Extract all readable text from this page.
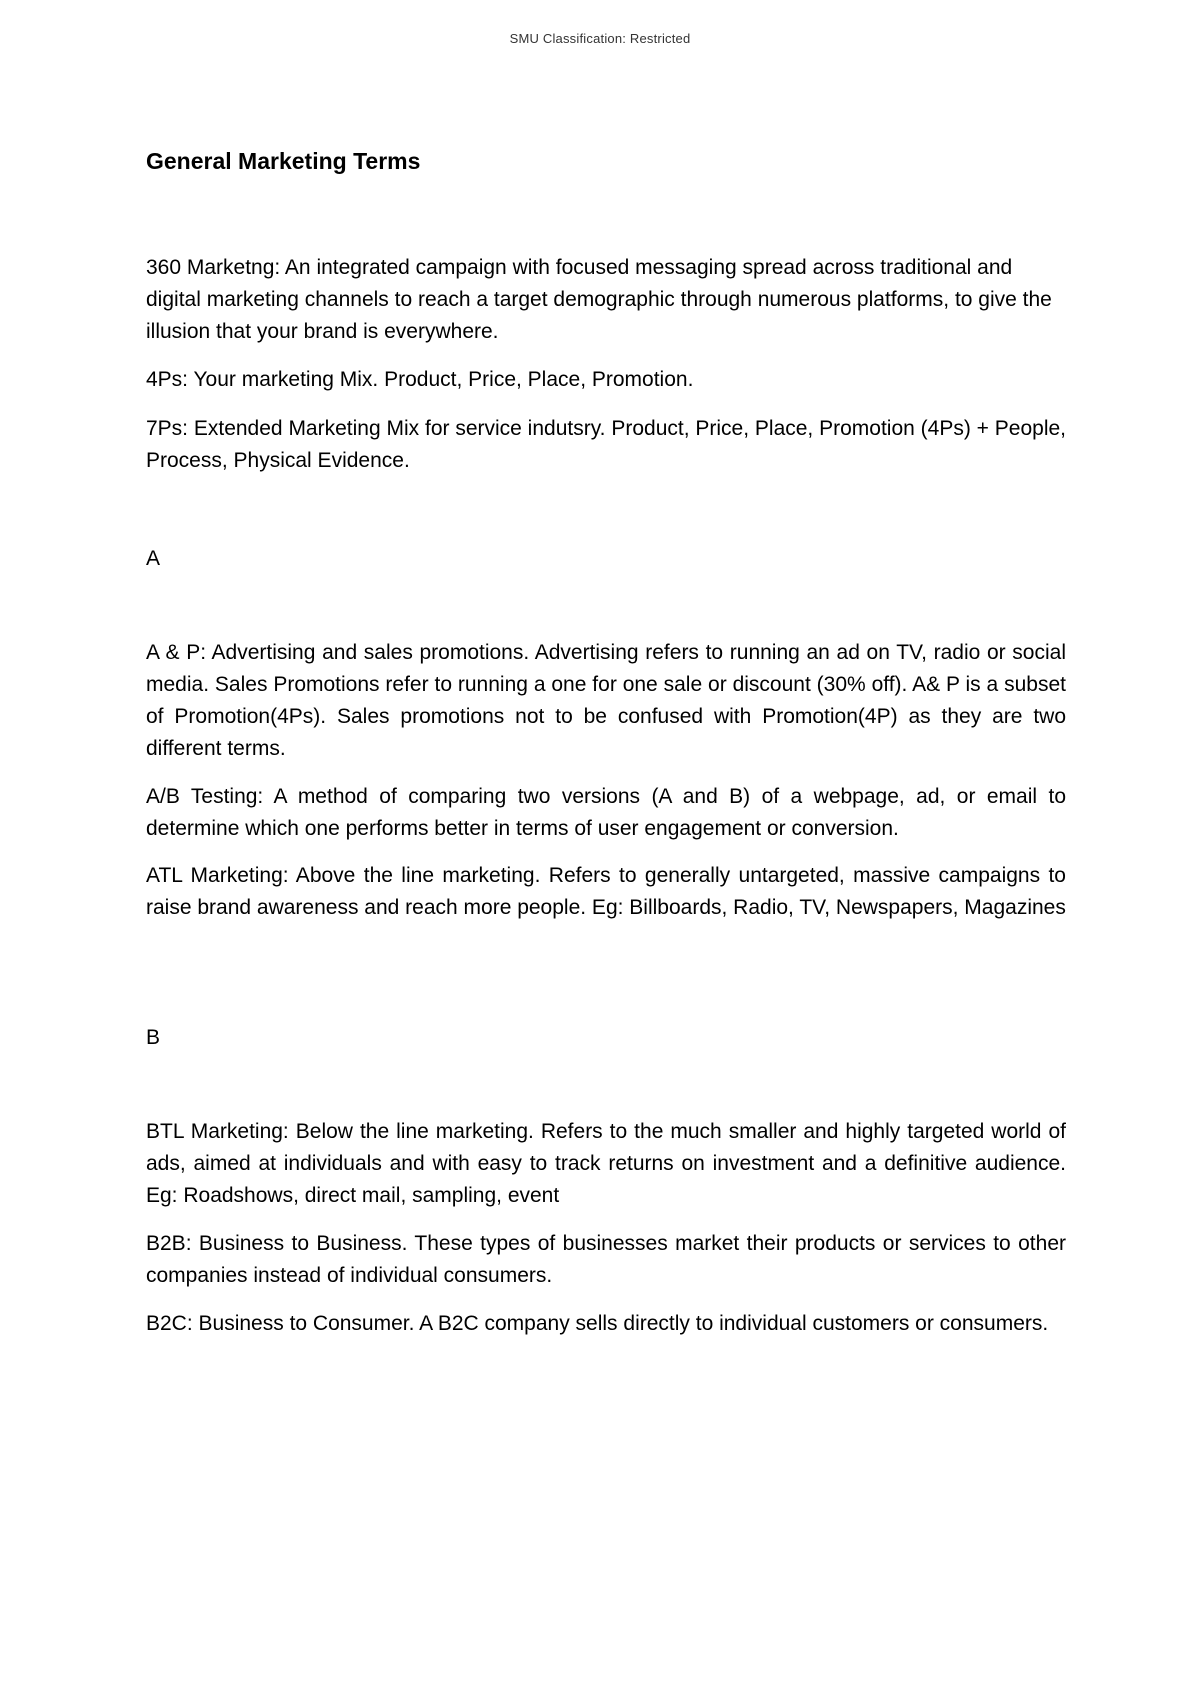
SMU Classification: Restricted
General Marketing Terms

360 Marketng: An integrated campaign with focused messaging spread across traditional and digital marketing channels to reach a target demographic through numerous platforms, to give the illusion that your brand is everywhere.

4Ps: Your marketing Mix. Product, Price, Place, Promotion.

7Ps: Extended Marketing Mix for service indutsry. Product, Price, Place, Promotion (4Ps) + People, Process, Physical Evidence.

A

A & P: Advertising and sales promotions. Advertising refers to running an ad on TV, radio or social media. Sales Promotions refer to running a one for one sale or discount (30% off). A& P is a subset of Promotion(4Ps). Sales promotions not to be confused with Promotion(4P) as they are two different terms.

A/B Testing: A method of comparing two versions (A and B) of a webpage, ad, or email to determine which one performs better in terms of user engagement or conversion.

ATL Marketing: Above the line marketing. Refers to generally untargeted, massive campaigns to raise brand awareness and reach more people. Eg: Billboards, Radio, TV, Newspapers, Magazines

B

BTL Marketing: Below the line marketing. Refers to the much smaller and highly targeted world of ads, aimed at individuals and with easy to track returns on investment and a definitive audience. Eg: Roadshows, direct mail, sampling, event

B2B: Business to Business. These types of businesses market their products or services to other companies instead of individual consumers.

B2C: Business to Consumer. A B2C company sells directly to individual customers or consumers.
